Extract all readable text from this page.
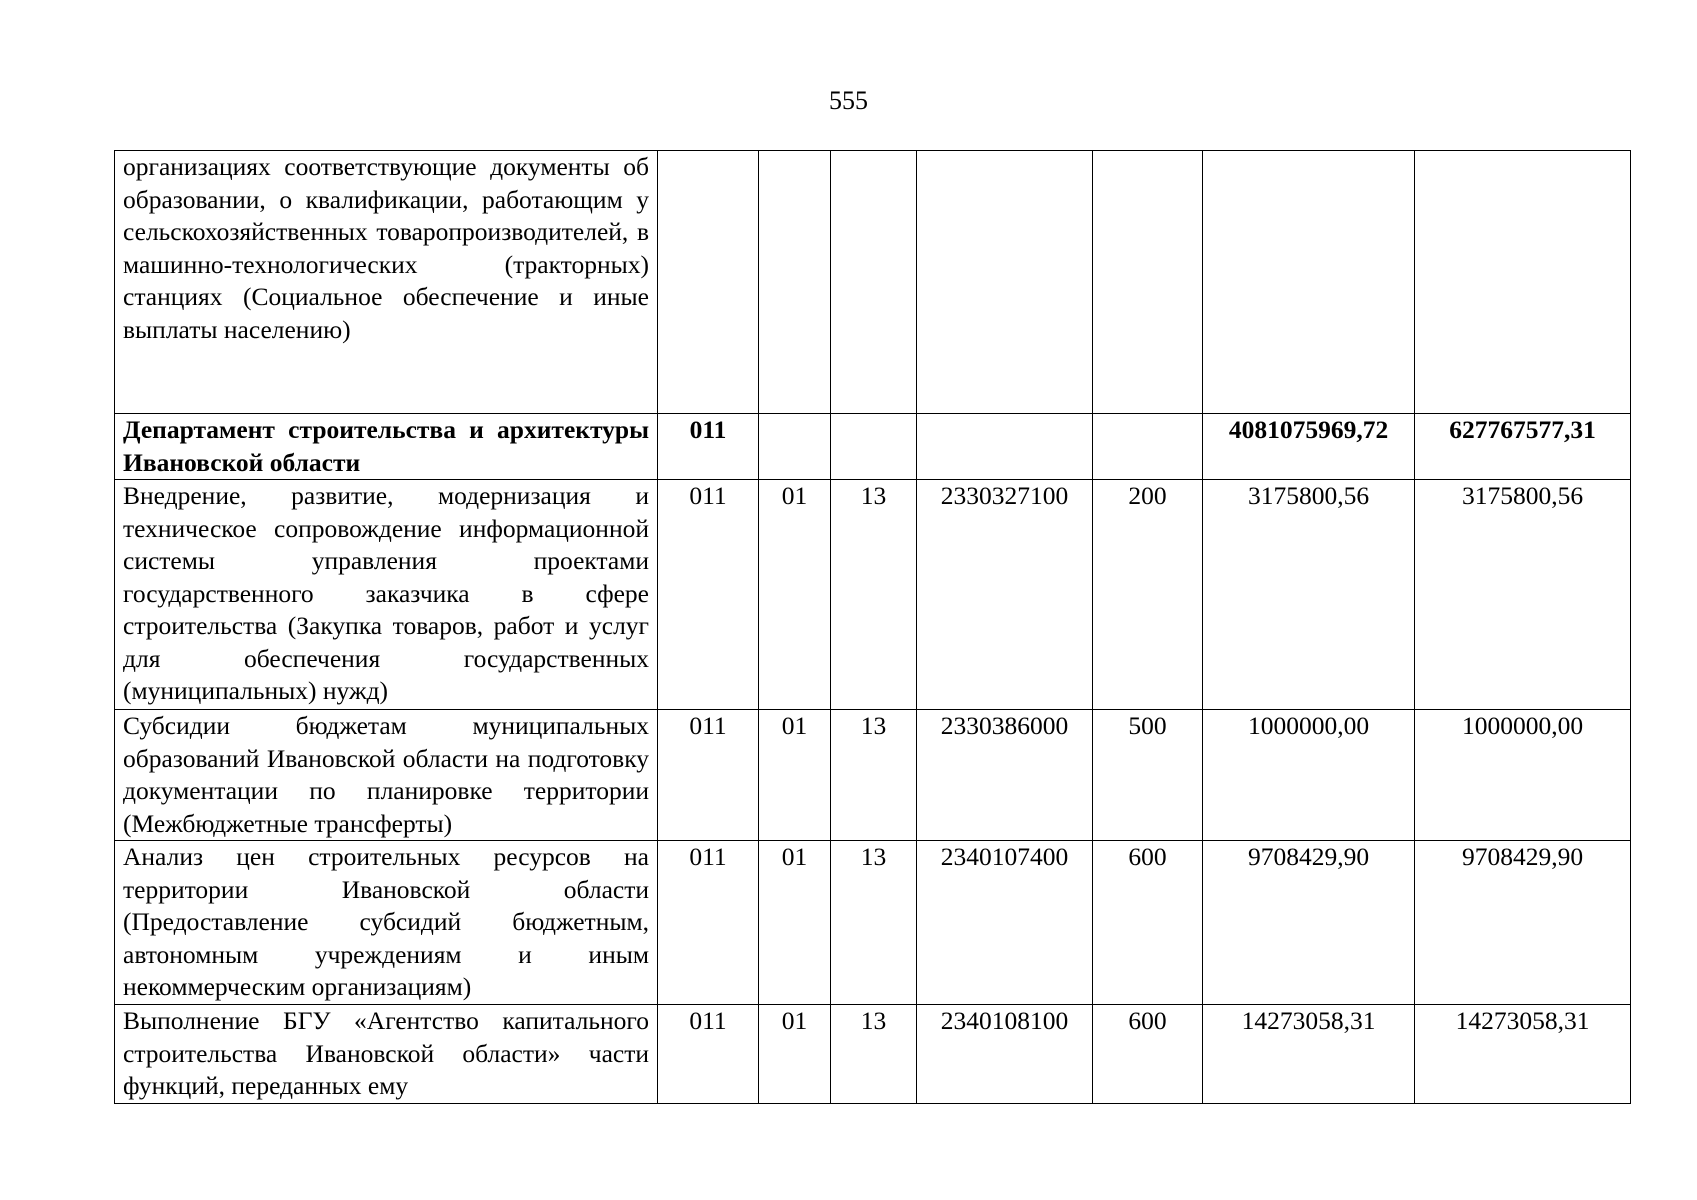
555
организациях соответствующие документы об образовании, о квалификации, работающим у сельскохозяйственных товаропроизводителей, в машинно-технологических (тракторных) станциях (Социальное обеспечение и иные выплаты населению)							
Департамент строительства и архитектуры Ивановской области	011					4081075969,72	627767577,31
Внедрение, развитие, модернизация и техническое сопровождение информационной системы управления проектами государственного заказчика в сфере строительства (Закупка товаров, работ и услуг для обеспечения государственных (муниципальных) нужд)	011	01	13	2330327100	200	3175800,56	3175800,56
Субсидии бюджетам муниципальных образований Ивановской области на подготовку документации по планировке территории (Межбюджетные трансферты)	011	01	13	2330386000	500	1000000,00	1000000,00
Анализ цен строительных ресурсов на территории Ивановской области (Предоставление субсидий бюджетным, автономным учреждениям и иным некоммерческим организациям)	011	01	13	2340107400	600	9708429,90	9708429,90
Выполнение БГУ «Агентство капитального строительства Ивановской области» части функций, переданных ему	011	01	13	2340108100	600	14273058,31	14273058,31
